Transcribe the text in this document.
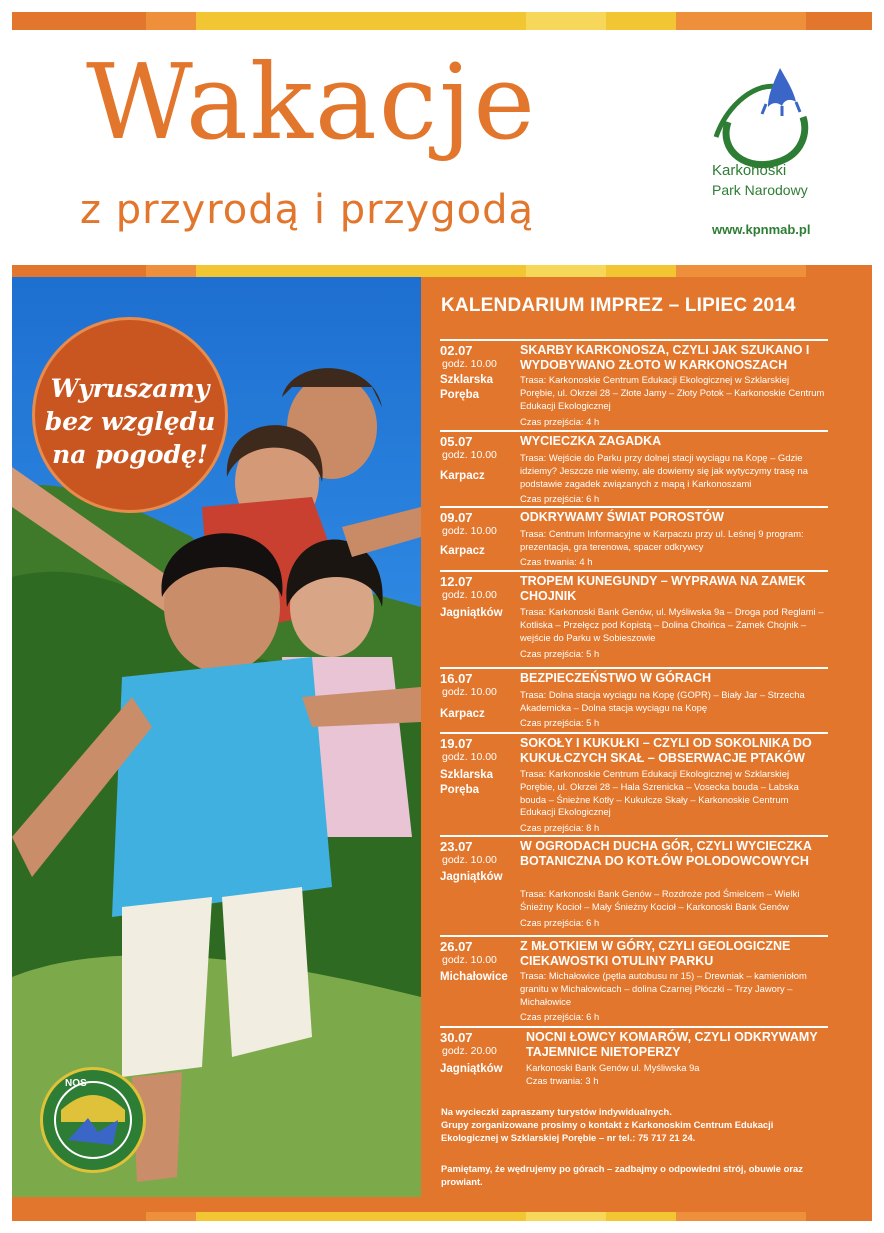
Wakacje
z przyrodą i przygodą
Karkonoski
Park Narodowy
www.kpnmab.pl
Wyruszamy
bez względu
na pogodę!
NOS
KALENDARIUM IMPREZ – LIPIEC 2014
02.07
godz. 10.00
Szklarska Poręba
SKARBY KARKONOSZA, CZYLI JAK SZUKANO I WYDOBYWANO ZŁOTO W KARKONOSZACH
Trasa: Karkonoskie Centrum Edukacji Ekologicznej w Szklarskiej Porębie, ul. Okrzei 28 – Złote Jamy – Złoty Potok – Karkonoskie Centrum Edukacji Ekologicznej
Czas przejścia: 4 h
05.07
godz. 10.00
Karpacz
WYCIECZKA ZAGADKA
Trasa: Wejście do Parku przy dolnej stacji wyciągu na Kopę – Gdzie idziemy? Jeszcze nie wiemy, ale dowiemy się jak wytyczymy trasę na podstawie zagadek związanych z mapą i Karkonoszami
Czas przejścia: 6 h
09.07
godz. 10.00
Karpacz
ODKRYWAMY ŚWIAT POROSTÓW
Trasa: Centrum Informacyjne w Karpaczu przy ul. Leśnej 9 program: prezentacja, gra terenowa, spacer odkrywcy
Czas trwania: 4 h
12.07
godz. 10.00
Jagniątków
TROPEM KUNEGUNDY – WYPRAWA NA ZAMEK CHOJNIK
Trasa: Karkonoski Bank Genów, ul. Myśliwska 9a – Droga pod Reglami – Kotliska – Przełęcz pod Kopistą – Dolina Choińca – Zamek Chojnik – wejście do Parku w Sobieszowie
Czas przejścia: 5 h
16.07
godz. 10.00
Karpacz
BEZPIECZEŃSTWO W GÓRACH
Trasa: Dolna stacja wyciągu na Kopę (GOPR) – Biały Jar – Strzecha Akademicka – Dolna stacja wyciągu na Kopę
Czas przejścia: 5 h
19.07
godz. 10.00
Szklarska Poręba
SOKOŁY I KUKUŁKI – CZYLI OD SOKOLNIKA DO KUKUŁCZYCH SKAŁ – OBSERWACJE PTAKÓW
Trasa: Karkonoskie Centrum Edukacji Ekologicznej w Szklarskiej Porębie, ul. Okrzei 28 – Hala Szrenicka – Vosecka bouda – Labska bouda – Śnieżne Kotły – Kukułcze Skały – Karkonoskie Centrum Edukacji Ekologicznej
Czas przejścia: 8 h
23.07
godz. 10.00
Jagniątków
W OGRODACH DUCHA GÓR, CZYLI WYCIECZKA BOTANICZNA DO KOTŁÓW POLODOWCOWYCH
Trasa: Karkonoski Bank Genów – Rozdroże pod Śmielcem – Wielki Śnieżny Kocioł – Mały Śnieżny Kocioł – Karkonoski Bank Genów
Czas przejścia: 6 h
26.07
godz. 10.00
Michałowice
Z MŁOTKIEM W GÓRY, CZYLI GEOLOGICZNE CIEKAWOSTKI OTULINY PARKU
Trasa: Michałowice (pętla autobusu nr 15) – Drewniak – kamieniołom granitu w Michałowicach – dolina Czarnej Płóczki – Trzy Jawory – Michałowice
Czas przejścia: 6 h
30.07
godz. 20.00
Jagniątków
NOCNI ŁOWCY KOMARÓW, CZYLI ODKRYWAMY TAJEMNICE NIETOPERZY
Karkonoski Bank Genów ul. Myśliwska 9a
Czas trwania: 3 h
Na wycieczki zapraszamy turystów indywidualnych.
Grupy zorganizowane prosimy o kontakt z Karkonoskim Centrum Edukacji Ekologicznej w Szklarskiej Porębie – nr tel.: 75 717 21 24.
Pamiętamy, że wędrujemy po górach – zadbajmy o odpowiedni strój, obuwie oraz prowiant.
